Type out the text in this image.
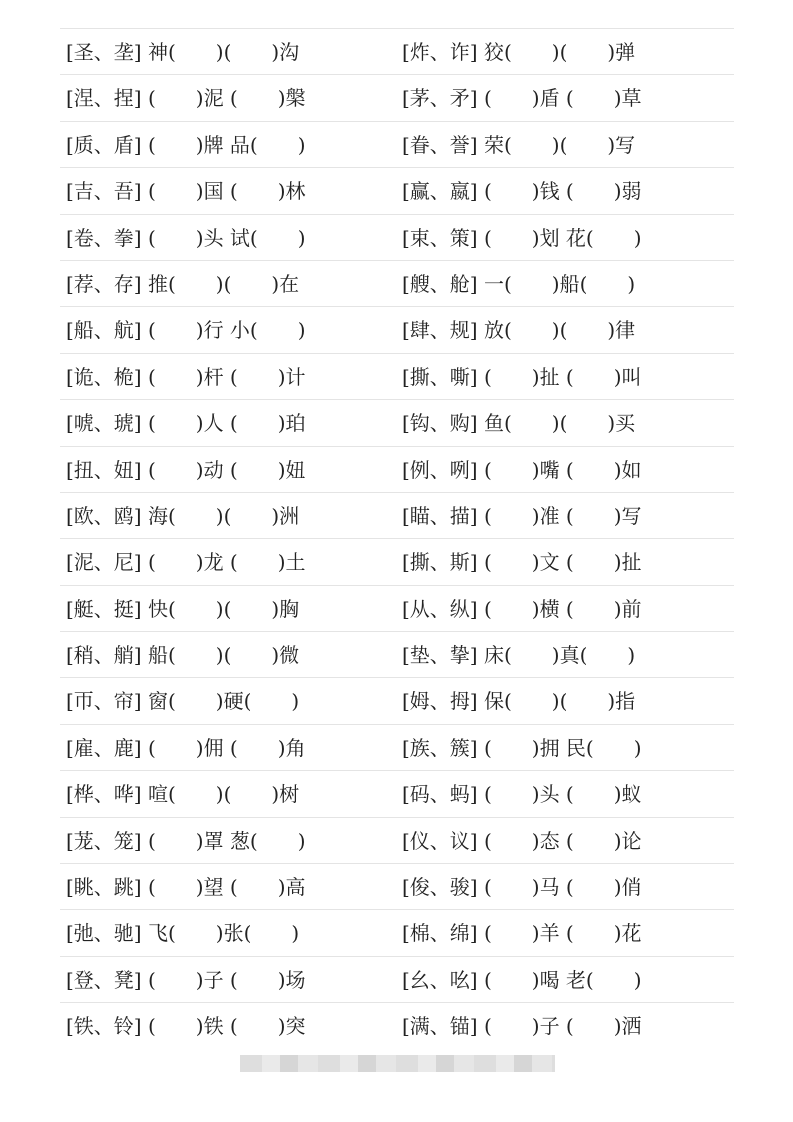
[圣、垄] 神(　　)(　　)沟	[炸、诈] 狡(　　)(　　)弹
[涅、捏] (　　)泥 (　　)槃	[茅、矛] (　　)盾 (　　)草
[质、盾] (　　)牌 品(　　)	[眷、誉] 荣(　　)(　　)写
[吉、吾] (　　)国 (　　)林	[赢、嬴] (　　)钱 (　　)弱
[卷、拳] (　　)头 试(　　)	[束、策] (　　)划 花(　　)
[荐、存] 推(　　)(　　)在	[艘、舱] 一(　　)船(　　)
[船、航] (　　)行 小(　　)	[肆、规] 放(　　)(　　)律
[诡、桅] (　　)杆 (　　)计	[撕、嘶] (　　)扯 (　　)叫
[唬、琥] (　　)人 (　　)珀	[钩、购] 鱼(　　)(　　)买
[扭、妞] (　　)动 (　　)妞	[例、咧] (　　)嘴 (　　)如
[欧、鸥] 海(　　)(　　)洲	[瞄、描] (　　)准 (　　)写
[泥、尼] (　　)龙 (　　)土	[撕、斯] (　　)文 (　　)扯
[艇、挺] 快(　　)(　　)胸	[从、纵] (　　)横 (　　)前
[稍、艄] 船(　　)(　　)微	[垫、挚] 床(　　)真(　　)
[帀、帘] 窗(　　)硬(　　)	[姆、拇] 保(　　)(　　)指
[雇、鹿] (　　)佣 (　　)角	[族、簇] (　　)拥 民(　　)
[桦、哗] 喧(　　)(　　)树	[码、蚂] (　　)头 (　　)蚁
[茏、笼] (　　)罩 葱(　　)	[仪、议] (　　)态 (　　)论
[眺、跳] (　　)望 (　　)高	[俊、骏] (　　)马 (　　)俏
[弛、驰] 飞(　　)张(　　)	[棉、绵] (　　)羊 (　　)花
[登、凳] (　　)子 (　　)场	[幺、吆] (　　)喝 老(　　)
[铁、铃] (　　)铁 (　　)突	[满、锚] (　　)子 (　　)洒
